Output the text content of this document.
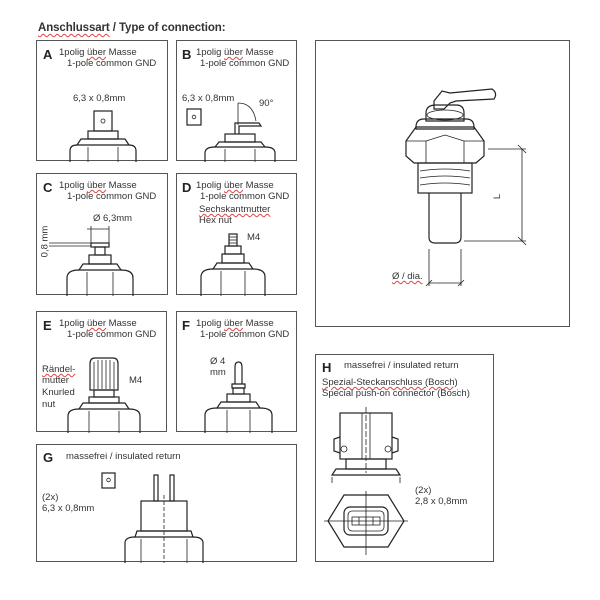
Anschlussart / Type of connection:
A 1polig über Masse
1-pole common GND
6,3 x 0,8mm
B 1polig über Masse
1-pole common GND
6,3 x 0,8mm	90°
C 1polig über Masse
1-pole common GND
Ø 6,3mm
0,8 mm
D 1polig über Masse
1-pole common GND
Sechskantmutter
Hex nut
M4
E 1polig über Masse
1-pole common GND
Rändel-
mutter
Knurled
nut
M4
F 1polig über Masse
1-pole common GND
Ø 4
mm
G massefrei / insulated return
(2x)
6,3 x 0,8mm
L
Ø / dia.
H massefrei / insulated return
Spezial-Steckanschluss (Bosch)
Special push-on connector (Bosch)
(2x)
2,8 x 0,8mm
